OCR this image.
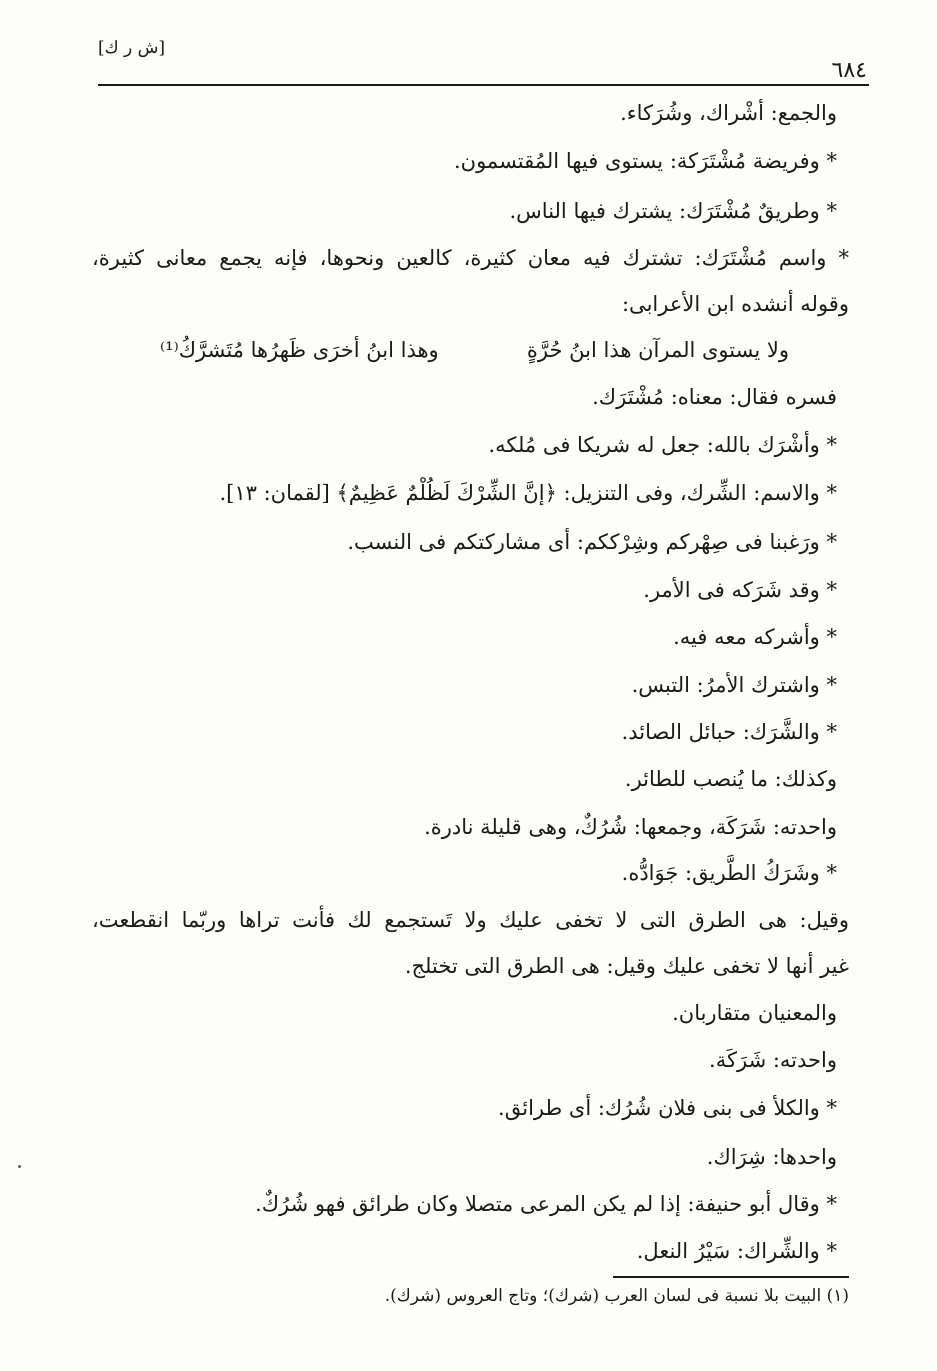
[ش ر ك]
٦٨٤
والجمع: أشْراك، وشُرَكاء.
* وفريضة مُشْتَرَكة: يستوى فيها المُقتسمون.
* وطريقٌ مُشْتَرَك: يشترك فيها الناس.
* واسم مُشْتَرَك: تشترك فيه معان كثيرة، كالعين ونحوها، فإنه يجمع معانى كثيرة،
وقوله أنشده ابن الأعرابى:
ولا يستوى المرآن هذا ابنُ حُرَّةٍ
وهذا ابنُ أخرَى ظَهرُها مُتَشرَّكُ⁽¹⁾
فسره فقال: معناه: مُشْتَرَك.
* وأشْرَك بالله: جعل له شريكا فى مُلكه.
* والاسم: الشِّرك، وفى التنزيل: ﴿إنَّ الشِّرْكَ لَظُلْمٌ عَظِيمٌ﴾ [لقمان: ١٣].
* ورَغبنا فى صِهْركم وشِرْككم: أى مشاركتكم فى النسب.
* وقد شَرَكه فى الأمر.
* وأشركه معه فيه.
* واشترك الأمرُ: التبس.
* والشَّرَك: حبائل الصائد.
وكذلك: ما يُنصب للطائر.
واحدته: شَرَكَة، وجمعها: شُرُكٌ، وهى قليلة نادرة.
* وشَرَكُ الطَّريق: جَوَادُّه.
وقيل: هى الطرق التى لا تخفى عليك ولا تَستجمع لك فأنت تراها وربّما انقطعت،
غير أنها لا تخفى عليك وقيل: هى الطرق التى تختلج.
والمعنيان متقاربان.
واحدته: شَرَكَة.
* والكلأ فى بنى فلان شُرُك: أى طرائق.
واحدها: شِرَاك.
* وقال أبو حنيفة: إذا لم يكن المرعى متصلا وكان طرائق فهو شُرُكٌ.
* والشِّراك: سَيْرُ النعل.
(١) البيت بلا نسبة فى لسان العرب (شرك)؛ وتاج العروس (شرك).
